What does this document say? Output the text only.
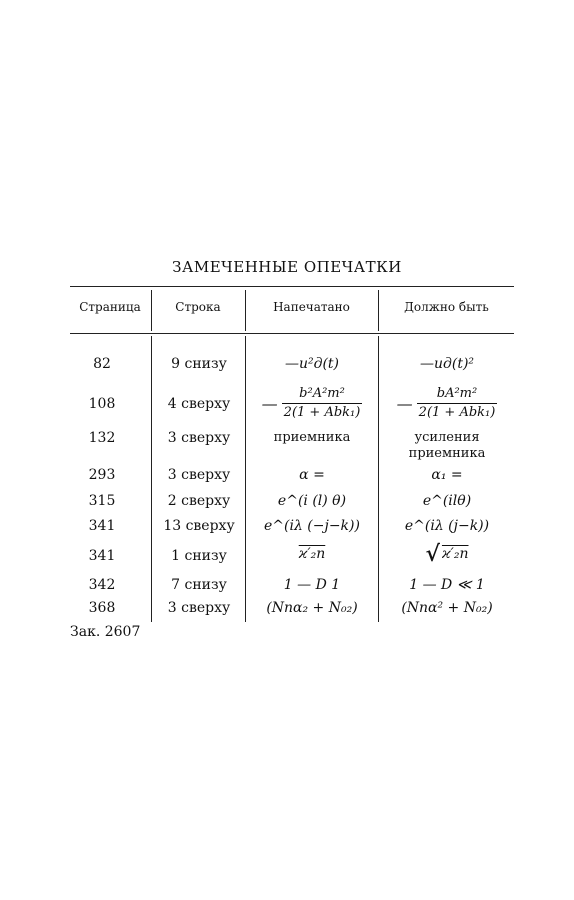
ЗАМЕЧЕННЫЕ ОПЕЧАТКИ
Страница	Строка	Напечатано	Должно быть
82	9 снизу	—u²д(t)	—uд(t)²
108	4 сверху	— $\frac{\text{b²A²m²}}{\text{2(1 + Abk₁)}}$	— $\frac{\text{bA²m²}}{\text{2(1 + Abk₁)}}$
132	3 сверху	приемника	усиления приемника
293	3 сверху	α =	α₁ =
315	2 сверху	e^(i (l) θ)	e^(ilθ)
341	13 сверху	e^(iλ (−j−k))	e^(iλ (j−k))
341	1 снизу	ϰ′₂п	√ ϰ′₂п
342	7 снизу	1 — D 1	1 — D ≪ 1
368	3 сверху	(Nпα₂ + N₀₂)	(Nпα² + N₀₂)
Зак. 2607
